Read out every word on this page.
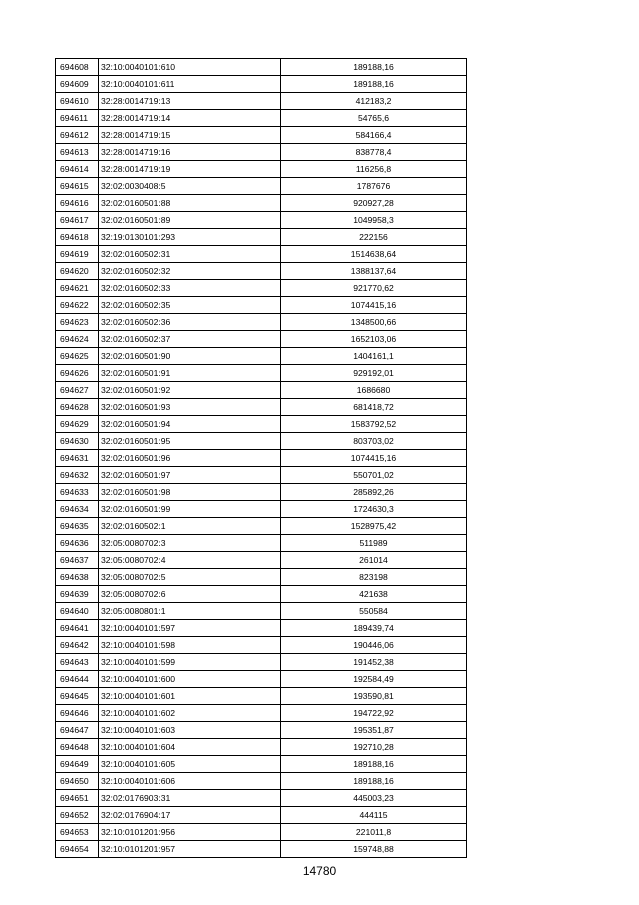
694608	32:10:0040101:610	189188,16
694609	32:10:0040101:611	189188,16
694610	32:28:0014719:13	412183,2
694611	32:28:0014719:14	54765,6
694612	32:28:0014719:15	584166,4
694613	32:28:0014719:16	838778,4
694614	32:28:0014719:19	116256,8
694615	32:02:0030408:5	1787676
694616	32:02:0160501:88	920927,28
694617	32:02:0160501:89	1049958,3
694618	32:19:0130101:293	222156
694619	32:02:0160502:31	1514638,64
694620	32:02:0160502:32	1388137,64
694621	32:02:0160502:33	921770,62
694622	32:02:0160502:35	1074415,16
694623	32:02:0160502:36	1348500,66
694624	32:02:0160502:37	1652103,06
694625	32:02:0160501:90	1404161,1
694626	32:02:0160501:91	929192,01
694627	32:02:0160501:92	1686680
694628	32:02:0160501:93	681418,72
694629	32:02:0160501:94	1583792,52
694630	32:02:0160501:95	803703,02
694631	32:02:0160501:96	1074415,16
694632	32:02:0160501:97	550701,02
694633	32:02:0160501:98	285892,26
694634	32:02:0160501:99	1724630,3
694635	32:02:0160502:1	1528975,42
694636	32:05:0080702:3	511989
694637	32:05:0080702:4	261014
694638	32:05:0080702:5	823198
694639	32:05:0080702:6	421638
694640	32:05:0080801:1	550584
694641	32:10:0040101:597	189439,74
694642	32:10:0040101:598	190446,06
694643	32:10:0040101:599	191452,38
694644	32:10:0040101:600	192584,49
694645	32:10:0040101:601	193590,81
694646	32:10:0040101:602	194722,92
694647	32:10:0040101:603	195351,87
694648	32:10:0040101:604	192710,28
694649	32:10:0040101:605	189188,16
694650	32:10:0040101:606	189188,16
694651	32:02:0176903:31	445003,23
694652	32:02:0176904:17	444115
694653	32:10:0101201:956	221011,8
694654	32:10:0101201:957	159748,88
14780
